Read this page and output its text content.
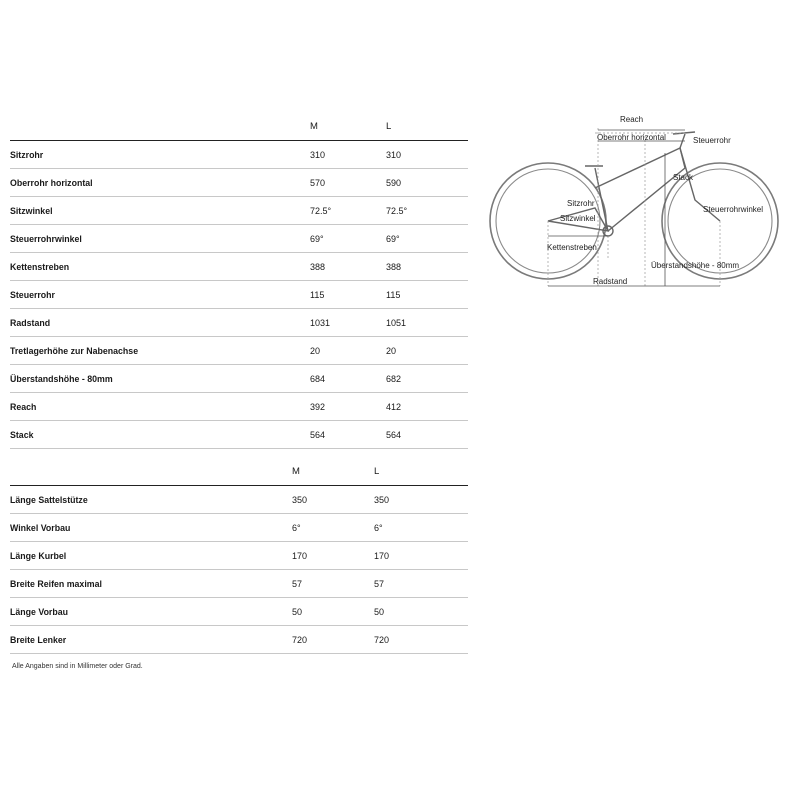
	M	L
Sitzrohr	310	310
Oberrohr horizontal	570	590
Sitzwinkel	72.5°	72.5°
Steuerrohrwinkel	69°	69°
Kettenstreben	388	388
Steuerrohr	115	115
Radstand	1031	1051
Tretlagerhöhe zur Nabenachse	20	20
Überstandshöhe - 80mm	684	682
Reach	392	412
Stack	564	564
	M	L
Länge Sattelstütze	350	350
Winkel Vorbau	6°	6°
Länge Kurbel	170	170
Breite Reifen maximal	57	57
Länge Vorbau	50	50
Breite Lenker	720	720
Alle Angaben sind in Millimeter oder Grad.
Reach
Oberrohr horizontal	Steuerrohr
Stack
Sitzrohr
Sitzwinkel
Steuerrohrwinkel
Kettenstreben
Überstandshöhe - 80mm
Radstand
